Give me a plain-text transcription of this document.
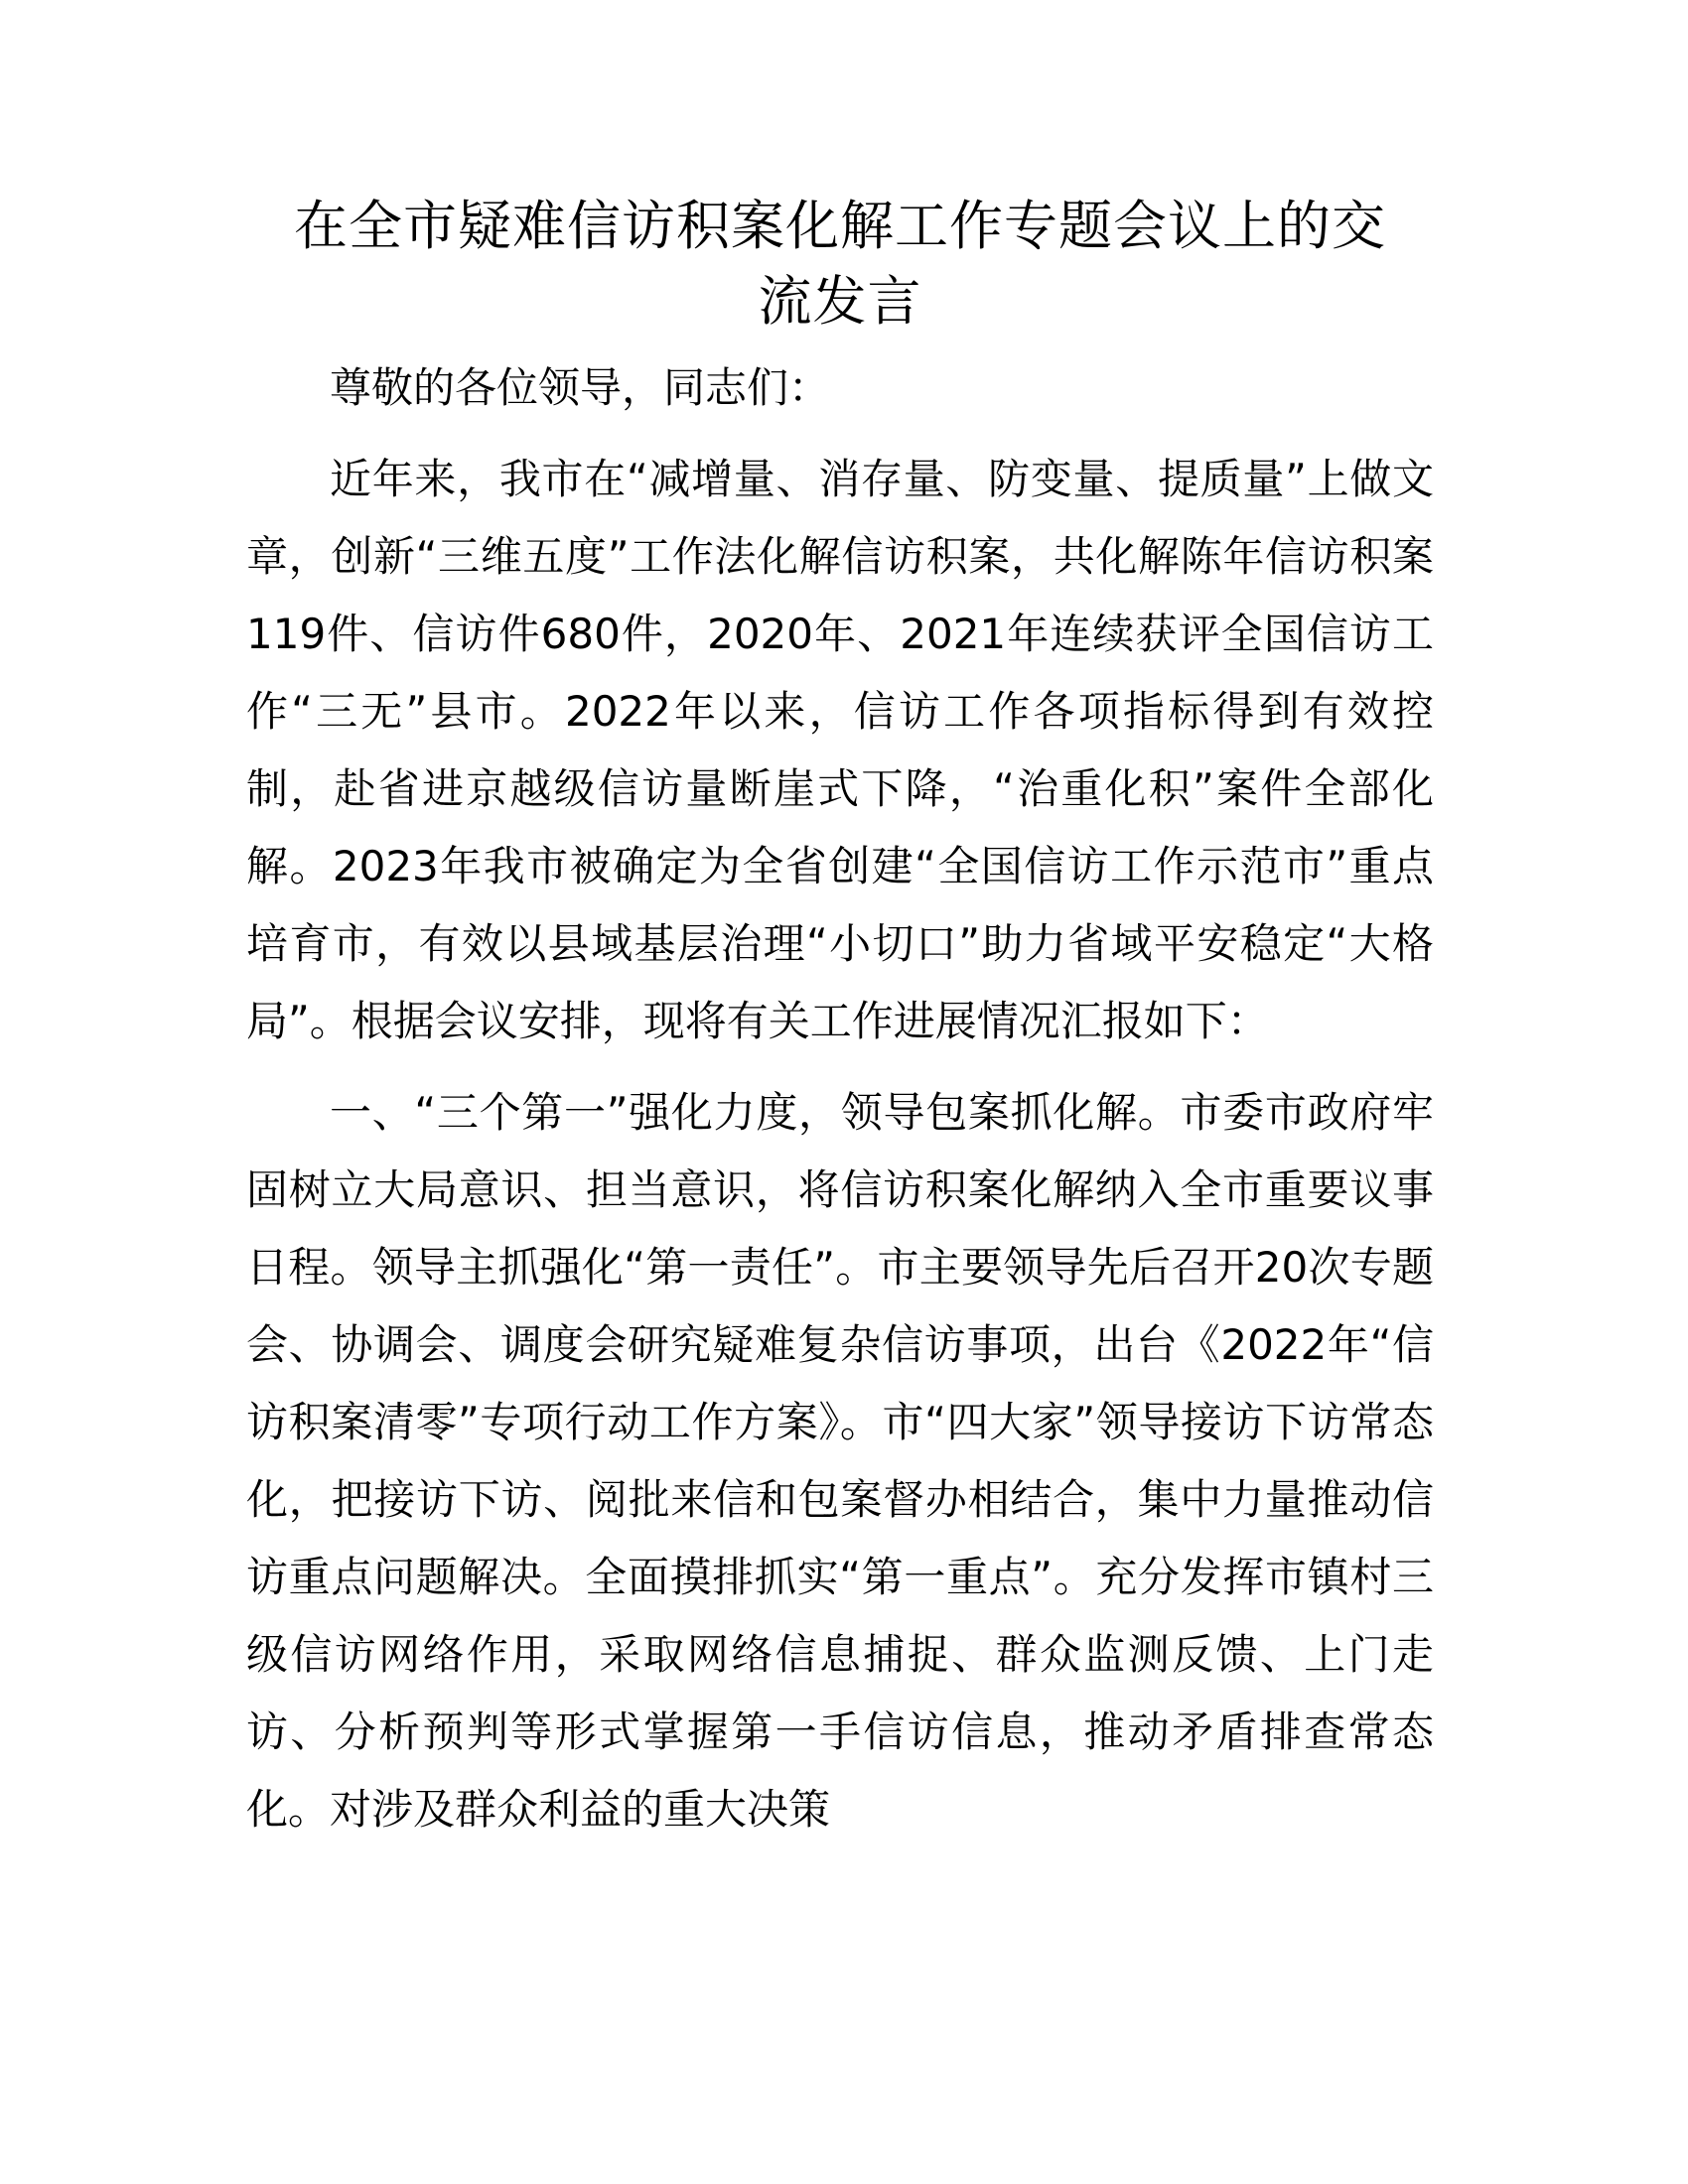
在全市疑难信访积案化解工作专题会议上的交
流发言

尊敬的各位领导，同志们：

近年来，我市在“减增量、消存量、防变量、提质量”上做文章，创新“三维五度”工作法化解信访积案，共化解陈年信访积案119件、信访件680件，2020年、2021年连续获评全国信访工作“三无”县市。2022年以来，信访工作各项指标得到有效控制，赴省进京越级信访量断崖式下降，“治重化积”案件全部化解。2023年我市被确定为全省创建“全国信访工作示范市”重点培育市，有效以县域基层治理“小切口”助力省域平安稳定“大格局”。根据会议安排，现将有关工作进展情况汇报如下：

一、“三个第一”强化力度，领导包案抓化解。市委市政府牢固树立大局意识、担当意识，将信访积案化解纳入全市重要议事日程。领导主抓强化“第一责任”。市主要领导先后召开20次专题会、协调会、调度会研究疑难复杂信访事项，出台《2022年“信访积案清零”专项行动工作方案》。市“四大家”领导接访下访常态化，把接访下访、阅批来信和包案督办相结合，集中力量推动信访重点问题解决。全面摸排抓实“第一重点”。充分发挥市镇村三级信访网络作用，采取网络信息捕捉、群众监测反馈、上门走访、分析预判等形式掌握第一手信访信息，推动矛盾排查常态化。对涉及群众利益的重大决策
